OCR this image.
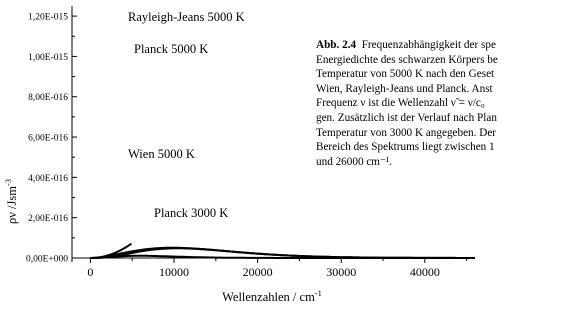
0,00E+000
2,00E-016
4,00E-016
6,00E-016
8,00E-016
1,00E-015
1,20E-015
0	10000	20000	30000	40000
Rayleigh-Jeans 5000 K
Planck 5000 K
Wien 5000 K
Planck 3000 K
Wellenzahlen / $cm^{-1}$
ρν /Jsm$^{-3}$
Abb. 2.4 Frequenzabhängigkeit der spe
Energiedichte des schwarzen Körpers be
Temperatur von 5000 K nach den Geset
Wien, Rayleigh-Jeans und Planck. Anst
Frequenz ν ist die Wellenzahl ν̃ = ν/c₀
gen. Zusätzlich ist der Verlauf nach Plan
Temperatur von 3000 K angegeben. Der
Bereich des Spektrums liegt zwischen 1
und 26000 cm⁻¹.
